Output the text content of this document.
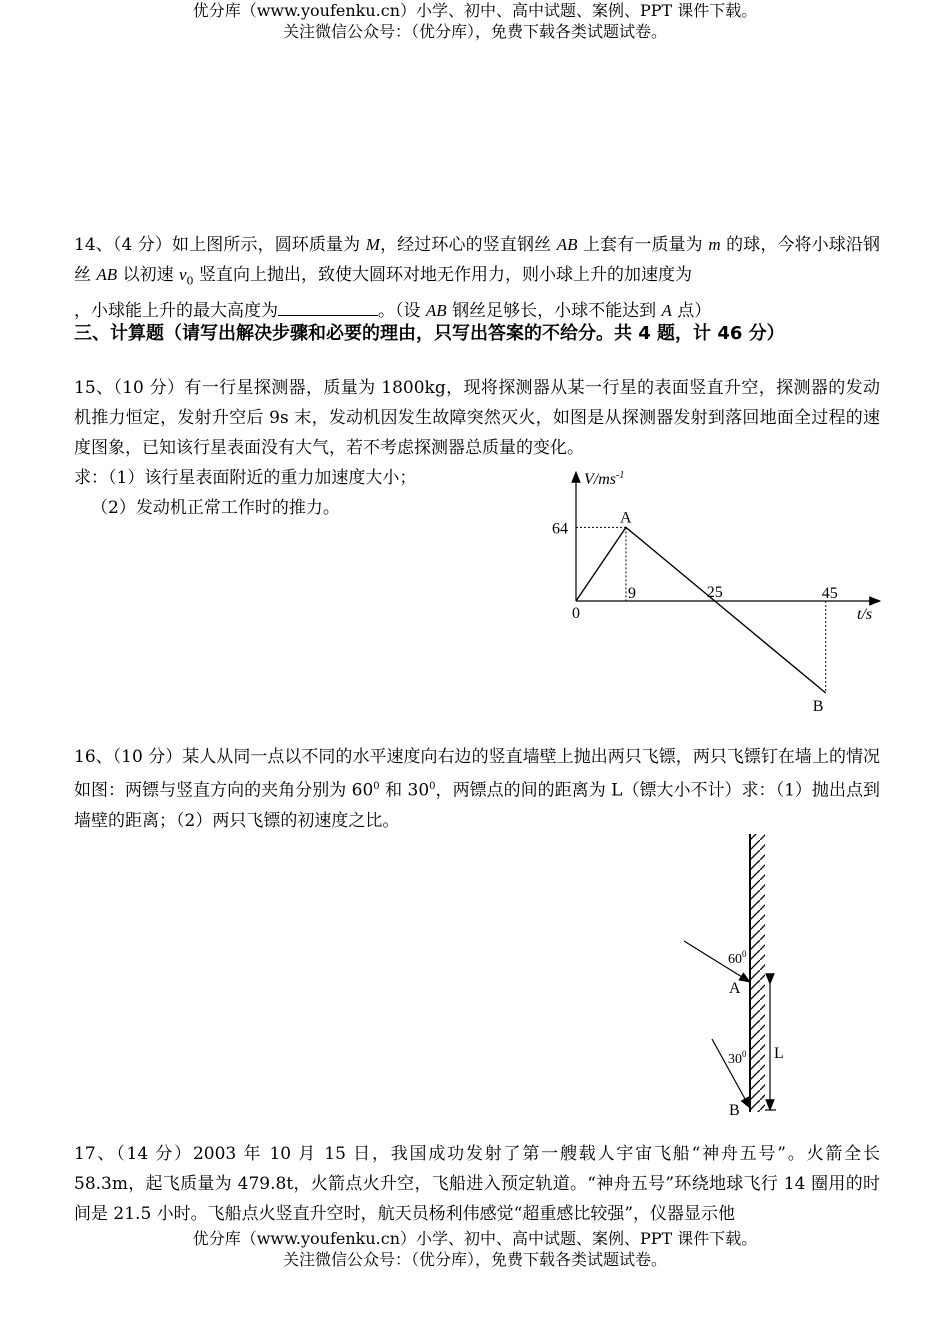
优分库（www.youfenku.cn）小学、初中、高中试题、案例、PPT 课件下载。
关注微信公众号：（优分库），免费下载各类试题试卷。

14、（4 分）如上图所示，圆环质量为 M，经过环心的竖直钢丝 AB 上套有一质量为 m 的球，今将小球沿钢丝 AB 以初速 $v_0$ 竖直向上抛出，致使大圆环对地无作用力，则小球上升的加速度为

，小球能上升的最大高度为	。（设 AB 钢丝足够长，小球不能达到 A 点）

三、计算题（请写出解决步骤和必要的理由，只写出答案的不给分。共 4 题，计 46 分）

15、（10 分）有一行星探测器，质量为 1800kg，现将探测器从某一行星的表面竖直升空，探测器的发动机推力恒定，发射升空后 9s 末，发动机因发生故障突然灭火，如图是从探测器发射到落回地面全过程的速度图象，已知该行星表面没有大气，若不考虑探测器总质量的变化。

求：（1）该行星表面附近的重力加速度大小；

（2）发动机正常工作时的推力。

0
9	25	45
64
A
B
$V/ms^{-1}$
t/s

16、（10 分）某人从同一点以不同的水平速度向右边的竖直墙壁上抛出两只飞镖，两只飞镖钉在墙上的情况如图：两镖与竖直方向的夹角分别为 $60^0$ 和 $30^0$，两镖点的间的距离为 L（镖大小不计）求：（1）抛出点到墙壁的距离；（2）两只飞镖的初速度之比。

$60^0$
$30^0$
A
B
L

17、（14 分）2003 年 10 月 15 日，我国成功发射了第一艘载人宇宙飞船“神舟五号”。火箭全长 58.3m，起飞质量为 479.8t，火箭点火升空，飞船进入预定轨道。“神舟五号”环绕地球飞行 14 圈用的时间是 21.5 小时。飞船点火竖直升空时，航天员杨利伟感觉“超重感比较强”，仪器显示他

优分库（www.youfenku.cn）小学、初中、高中试题、案例、PPT 课件下载。
关注微信公众号：（优分库），免费下载各类试题试卷。
